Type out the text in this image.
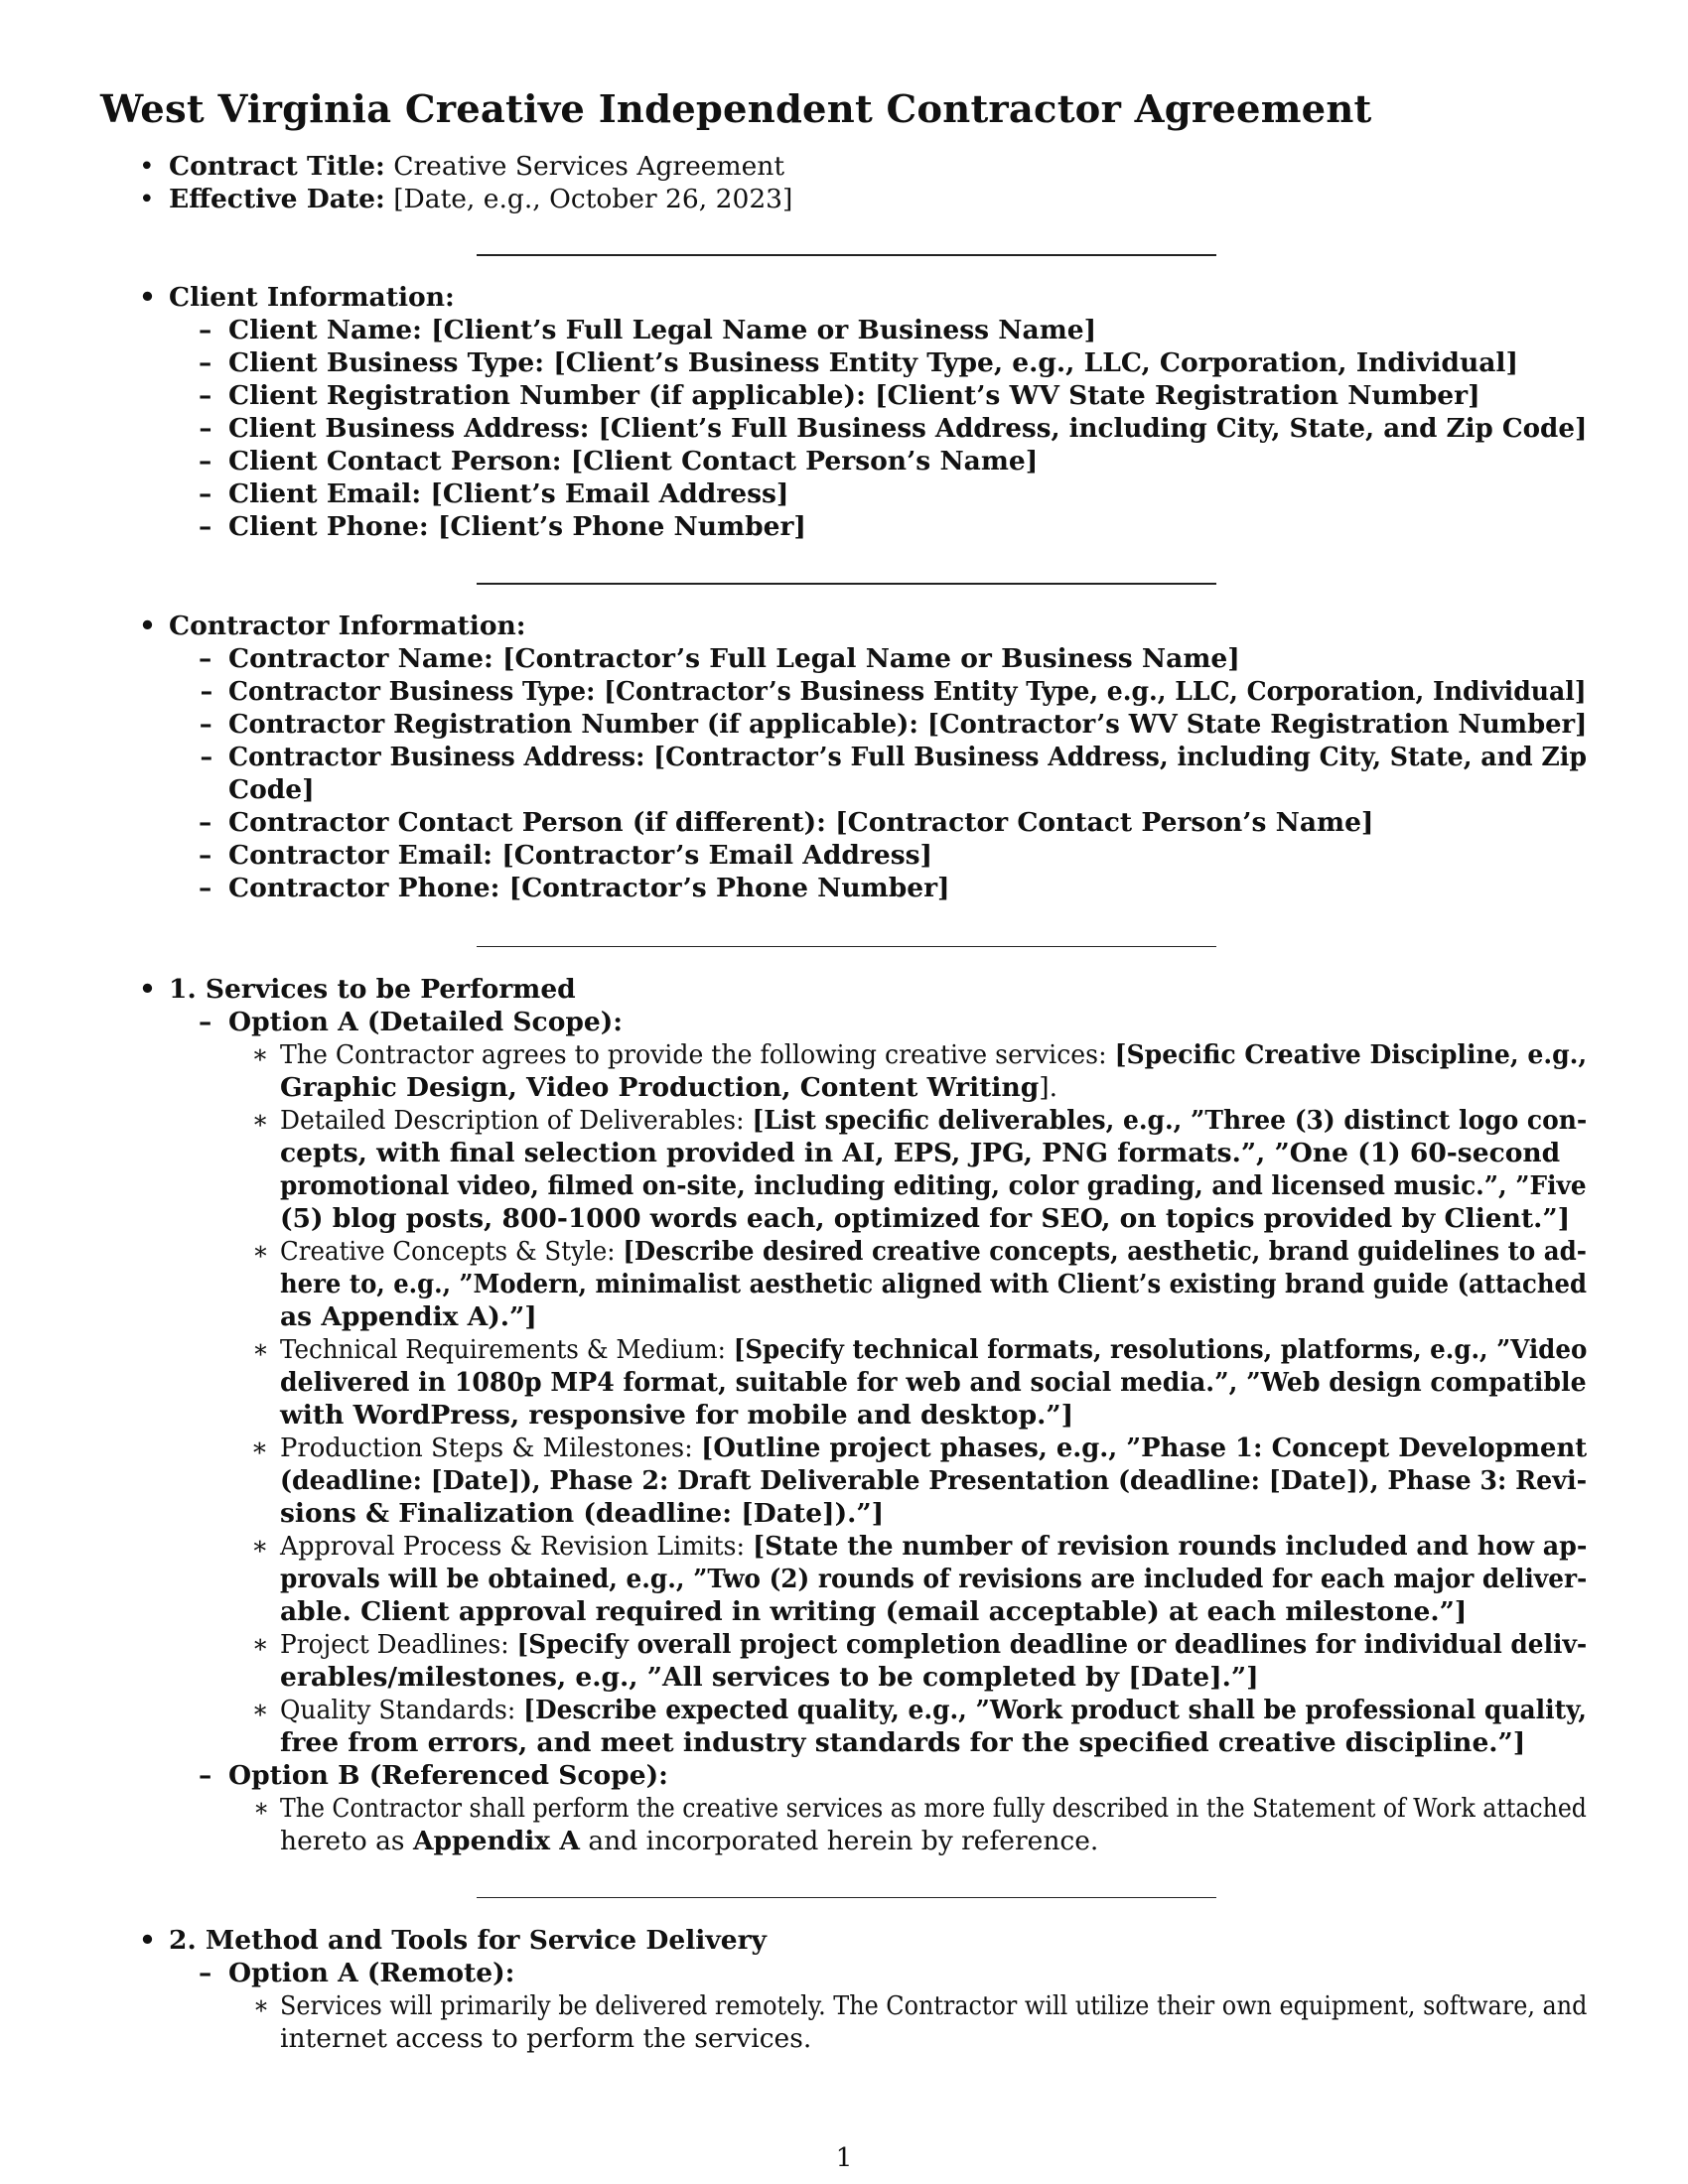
West Virginia Creative Independent Contractor Agreement
• Contract Title: Creative Services Agreement
• Effective Date: [Date, e.g., October 26, 2023]
• Client Information:
– Client Name: [Client’s Full Legal Name or Business Name]
– Client Business Type: [Client’s Business Entity Type, e.g., LLC, Corporation, Individual]
– Client Registration Number (if applicable): [Client’s WV State Registration Number]
– Client Business Address: [Client’s Full Business Address, including City, State, and Zip Code]
– Client Contact Person: [Client Contact Person’s Name]
– Client Email: [Client’s Email Address]
– Client Phone: [Client’s Phone Number]
• Contractor Information:
– Contractor Name: [Contractor’s Full Legal Name or Business Name]
– Contractor Business Type: [Contractor’s Business Entity Type, e.g., LLC, Corporation, Individual]
– Contractor Registration Number (if applicable): [Contractor’s WV State Registration Number]
– Contractor Business Address: [Contractor’s Full Business Address, including City, State, and Zip
Code]
– Contractor Contact Person (if different): [Contractor Contact Person’s Name]
– Contractor Email: [Contractor’s Email Address]
– Contractor Phone: [Contractor’s Phone Number]
• 1. Services to be Performed
– Option A (Detailed Scope):
∗ The Contractor agrees to provide the following creative services: [Specific Creative Discipline, e.g.,
Graphic Design, Video Production, Content Writing].
∗ Detailed Description of Deliverables: [List specific deliverables, e.g., ”Three (3) distinct logo con-
cepts, with final selection provided in AI, EPS, JPG, PNG formats.”, ”One (1) 60-second
promotional video, filmed on-site, including editing, color grading, and licensed music.”, ”Five
(5) blog posts, 800-1000 words each, optimized for SEO, on topics provided by Client.”]
∗ Creative Concepts & Style: [Describe desired creative concepts, aesthetic, brand guidelines to ad-
here to, e.g., ”Modern, minimalist aesthetic aligned with Client’s existing brand guide (attached
as Appendix A).”]
∗ Technical Requirements & Medium: [Specify technical formats, resolutions, platforms, e.g., ”Video
delivered in 1080p MP4 format, suitable for web and social media.”, ”Web design compatible
with WordPress, responsive for mobile and desktop.”]
∗ Production Steps & Milestones: [Outline project phases, e.g., ”Phase 1: Concept Development
(deadline: [Date]), Phase 2: Draft Deliverable Presentation (deadline: [Date]), Phase 3: Revi-
sions & Finalization (deadline: [Date]).”]
∗ Approval Process & Revision Limits: [State the number of revision rounds included and how ap-
provals will be obtained, e.g., ”Two (2) rounds of revisions are included for each major deliver-
able. Client approval required in writing (email acceptable) at each milestone.”]
∗ Project Deadlines: [Specify overall project completion deadline or deadlines for individual deliv-
erables/milestones, e.g., ”All services to be completed by [Date].”]
∗ Quality Standards: [Describe expected quality, e.g., ”Work product shall be professional quality,
free from errors, and meet industry standards for the specified creative discipline.”]
– Option B (Referenced Scope):
∗ The Contractor shall perform the creative services as more fully described in the Statement of Work attached
hereto as Appendix A and incorporated herein by reference.
• 2. Method and Tools for Service Delivery
– Option A (Remote):
∗ Services will primarily be delivered remotely. The Contractor will utilize their own equipment, software, and
internet access to perform the services.
1
